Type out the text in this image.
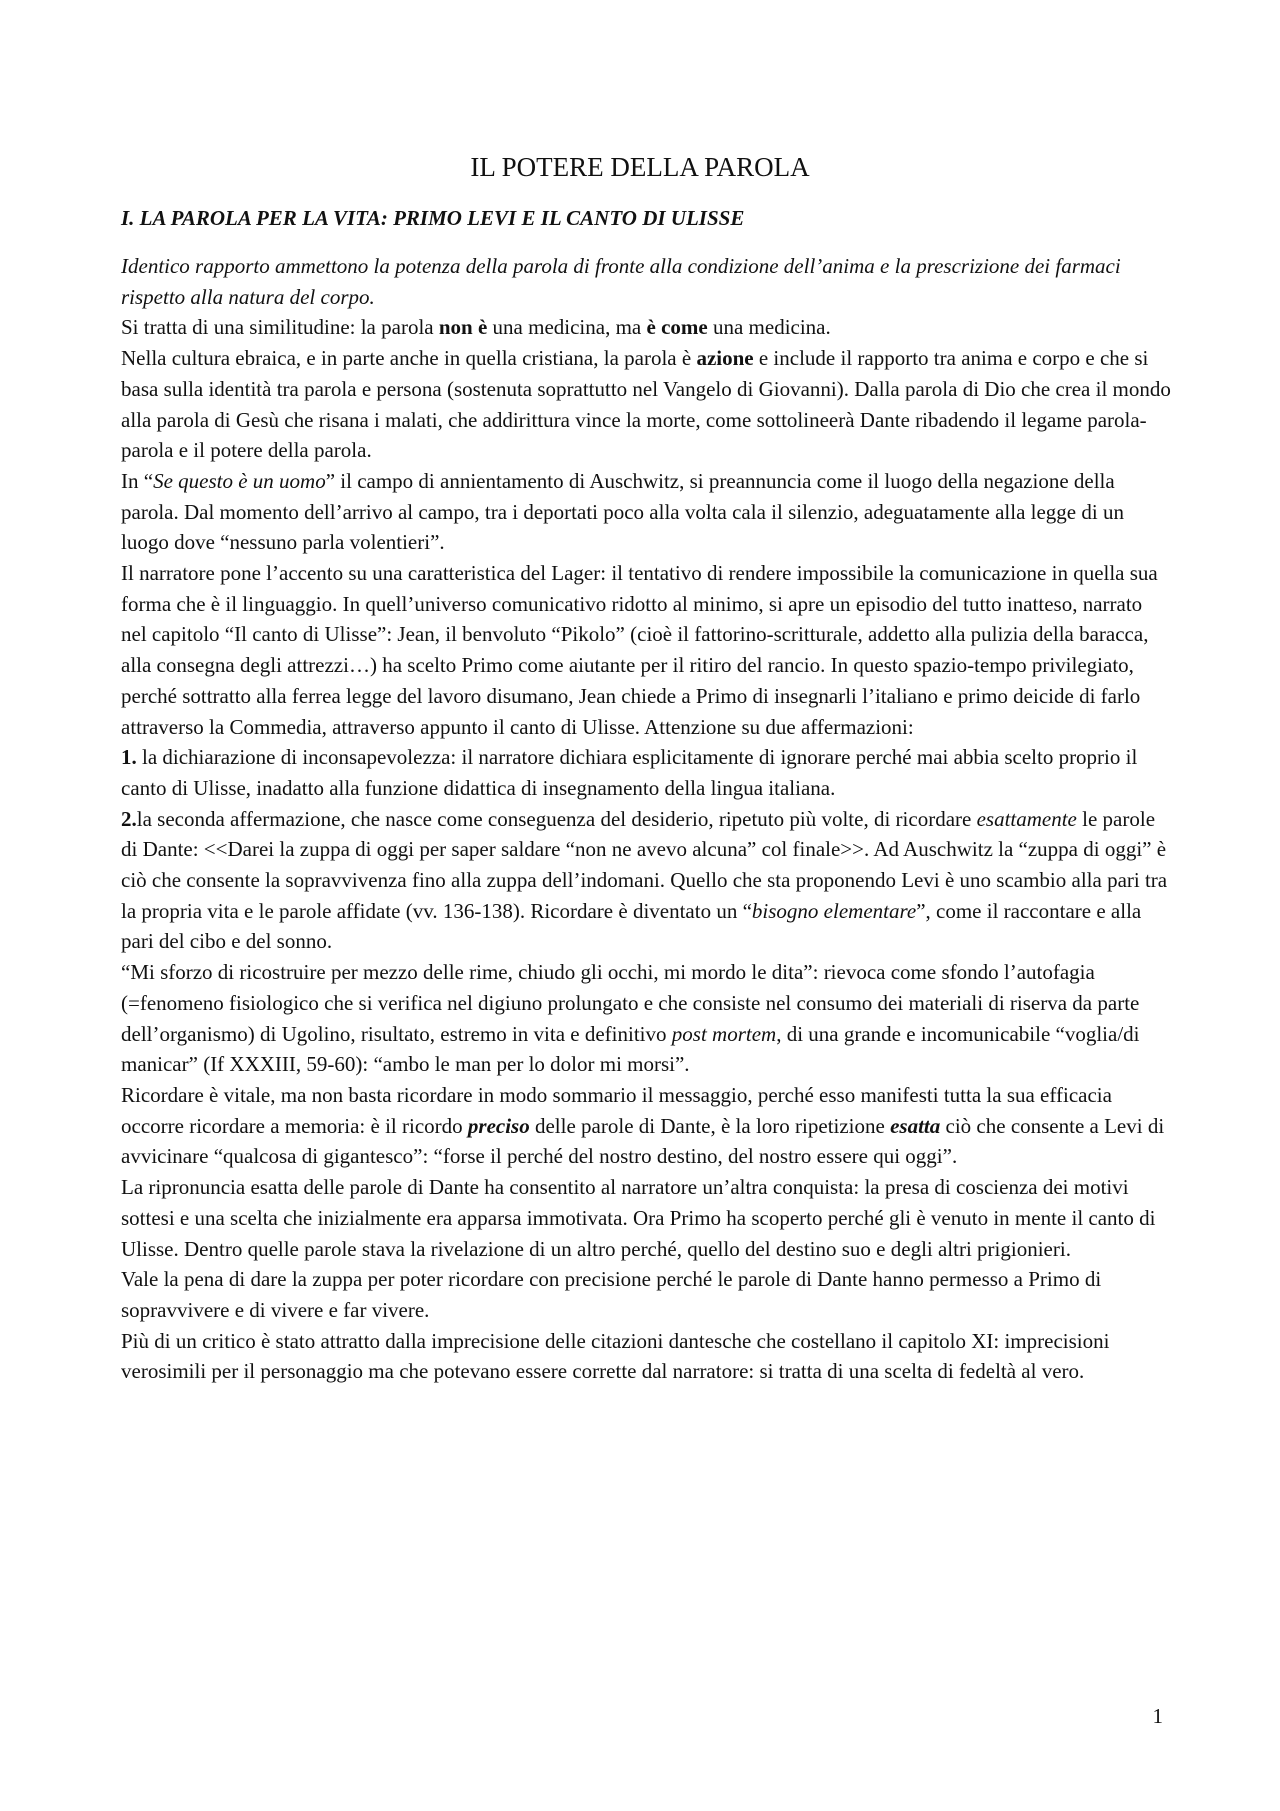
IL POTERE DELLA PAROLA
I. LA PAROLA PER LA VITA: PRIMO LEVI E IL CANTO DI ULISSE

Identico rapporto ammettono la potenza della parola di fronte alla condizione dell’anima e la prescrizione dei farmaci rispetto alla natura del corpo.

Si tratta di una similitudine: la parola non è una medicina, ma è come una medicina.

Nella cultura ebraica, e in parte anche in quella cristiana, la parola è azione e include il rapporto tra anima e corpo e che si basa sulla identità tra parola e persona (sostenuta soprattutto nel Vangelo di Giovanni). Dalla parola di Dio che crea il mondo alla parola di Gesù che risana i malati, che addirittura vince la morte, come sottolineerà Dante ribadendo il legame parola-parola e il potere della parola.

In “Se questo è un uomo” il campo di annientamento di Auschwitz, si preannuncia come il luogo della negazione della parola. Dal momento dell’arrivo al campo, tra i deportati poco alla volta cala il silenzio, adeguatamente alla legge di un luogo dove “nessuno parla volentieri”.

Il narratore pone l’accento su una caratteristica del Lager: il tentativo di rendere impossibile la comunicazione in quella sua forma che è il linguaggio. In quell’universo comunicativo ridotto al minimo, si apre un episodio del tutto inatteso, narrato nel capitolo “Il canto di Ulisse”: Jean, il benvoluto “Pikolo” (cioè il fattorino-scritturale, addetto alla pulizia della baracca, alla consegna degli attrezzi…) ha scelto Primo come aiutante per il ritiro del rancio. In questo spazio-tempo privilegiato, perché sottratto alla ferrea legge del lavoro disumano, Jean chiede a Primo di insegnarli l’italiano e primo deicide di farlo attraverso la Commedia, attraverso appunto il canto di Ulisse. Attenzione su due affermazioni:

1. la dichiarazione di inconsapevolezza: il narratore dichiara esplicitamente di ignorare perché mai abbia scelto proprio il canto di Ulisse, inadatto alla funzione didattica di insegnamento della lingua italiana.

2.la seconda affermazione, che nasce come conseguenza del desiderio, ripetuto più volte, di ricordare esattamente le parole di Dante: <<Darei la zuppa di oggi per saper saldare “non ne avevo alcuna” col finale>>. Ad Auschwitz la “zuppa di oggi” è ciò che consente la sopravvivenza fino alla zuppa dell’indomani. Quello che sta proponendo Levi è uno scambio alla pari tra la propria vita e le parole affidate (vv. 136-138). Ricordare è diventato un “bisogno elementare”, come il raccontare e alla pari del cibo e del sonno.

“Mi sforzo di ricostruire per mezzo delle rime, chiudo gli occhi, mi mordo le dita”: rievoca come sfondo l’autofagia (=fenomeno fisiologico che si verifica nel digiuno prolungato e che consiste nel consumo dei materiali di riserva da parte dell’organismo) di Ugolino, risultato, estremo in vita e definitivo post mortem, di una grande e incomunicabile “voglia/di manicar” (If XXXIII, 59-60): “ambo le man per lo dolor mi morsi”.

Ricordare è vitale, ma non basta ricordare in modo sommario il messaggio, perché esso manifesti tutta la sua efficacia occorre ricordare a memoria: è il ricordo preciso delle parole di Dante, è la loro ripetizione esatta ciò che consente a Levi di avvicinare “qualcosa di gigantesco”: “forse il perché del nostro destino, del nostro essere qui oggi”.

La ripronuncia esatta delle parole di Dante ha consentito al narratore un’altra conquista: la presa di coscienza dei motivi sottesi e una scelta che inizialmente era apparsa immotivata. Ora Primo ha scoperto perché gli è venuto in mente il canto di Ulisse. Dentro quelle parole stava la rivelazione di un altro perché, quello del destino suo e degli altri prigionieri.

Vale la pena di dare la zuppa per poter ricordare con precisione perché le parole di Dante hanno permesso a Primo di sopravvivere e di vivere e far vivere.

Più di un critico è stato attratto dalla imprecisione delle citazioni dantesche che costellano il capitolo XI: imprecisioni verosimili per il personaggio ma che potevano essere corrette dal narratore: si tratta di una scelta di fedeltà al vero.

1
